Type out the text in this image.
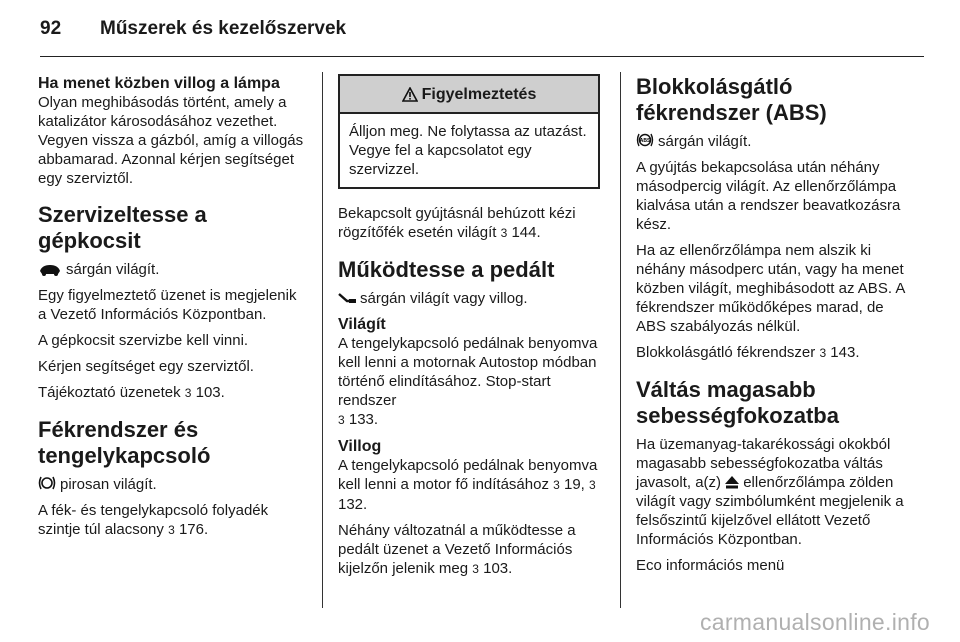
92 Műszerek és kezelőszervek
Ha menet közben villog a lámpa

Olyan meghibásodás történt, amely a katalizátor károsodásához vezethet. Vegyen vissza a gázból, amíg a villogás abbamarad. Azonnal kérjen segítséget egy szerviztől.

Szervizeltesse a gépkocsit

sárgán világít.

Egy figyelmeztető üzenet is megjelenik a Vezető Információs Központban.

A gépkocsit szervizbe kell vinni.

Kérjen segítséget egy szerviztől.

Tájékoztató üzenetek 3 103.

Fékrendszer és tengelykapcsoló

pirosan világít.

A fék- és tengelykapcsoló folyadék szintje túl alacsony 3 176.

Figyelmeztetés
Álljon meg. Ne folytassa az utazást. Vegye fel a kapcsolatot egy szervizzel.

Bekapcsolt gyújtásnál behúzott kézi rögzítőfék esetén világít 3 144.

Működtesse a pedált

sárgán világít vagy villog.

Világít

A tengelykapcsoló pedálnak benyomva kell lenni a motornak Autostop módban történő elindításához. Stop-start rendszer
3 133.

Villog

A tengelykapcsoló pedálnak benyomva kell lenni a motor fő indításához 3 19, 3 132.

Néhány változatnál a működtesse a pedált üzenet a Vezető Információs kijelzőn jelenik meg 3 103.

Blokkolásgátló fékrendszer (ABS)

ABS sárgán világít.

A gyújtás bekapcsolása után néhány másodpercig világít. Az ellenőrzőlámpa kialvása után a rendszer beavatkozásra kész.

Ha az ellenőrzőlámpa nem alszik ki néhány másodperc után, vagy ha menet közben világít, meghibásodott az ABS. A fékrendszer működőképes marad, de ABS szabályozás nélkül.

Blokkolásgátló fékrendszer 3 143.

Váltás magasabb sebességfokozatba

Ha üzemanyag-takarékossági okokból magasabb sebességfokozatba váltás javasolt, a(z) ellenőrzőlámpa zölden világít vagy szimbólumként megjelenik a felsőszintű kijelzővel ellátott Vezető Információs Központban.

Eco információs menü

carmanualsonline.info
